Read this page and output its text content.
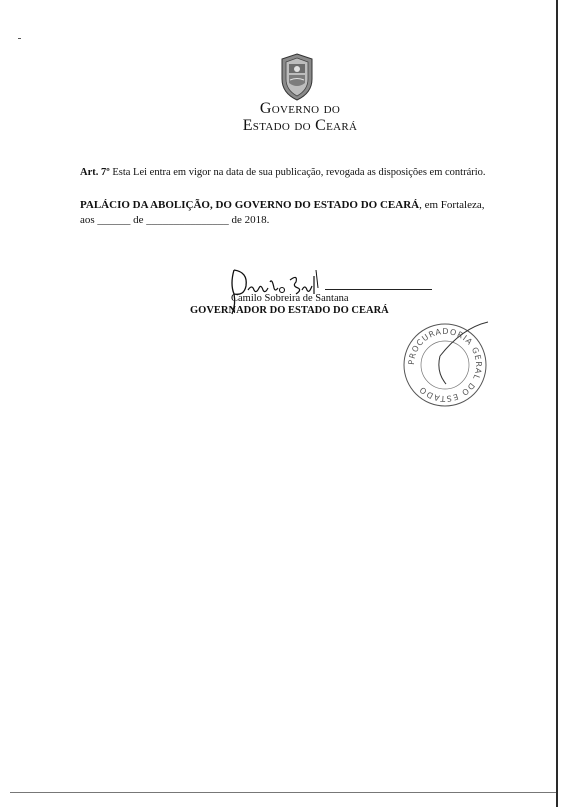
Governo do
Estado do Ceará
Art. 7º Esta Lei entra em vigor na data de sua publicação, revogada as disposições em contrário.
PALÁCIO DA ABOLIÇÃO, DO GOVERNO DO ESTADO DO CEARÁ, em Fortaleza,
aos ______ de _______________ de 2018.
Camilo Sobreira de Santana
GOVERNADOR DO ESTADO DO CEARÁ
PROCURADORIA GERAL DO ESTADO
